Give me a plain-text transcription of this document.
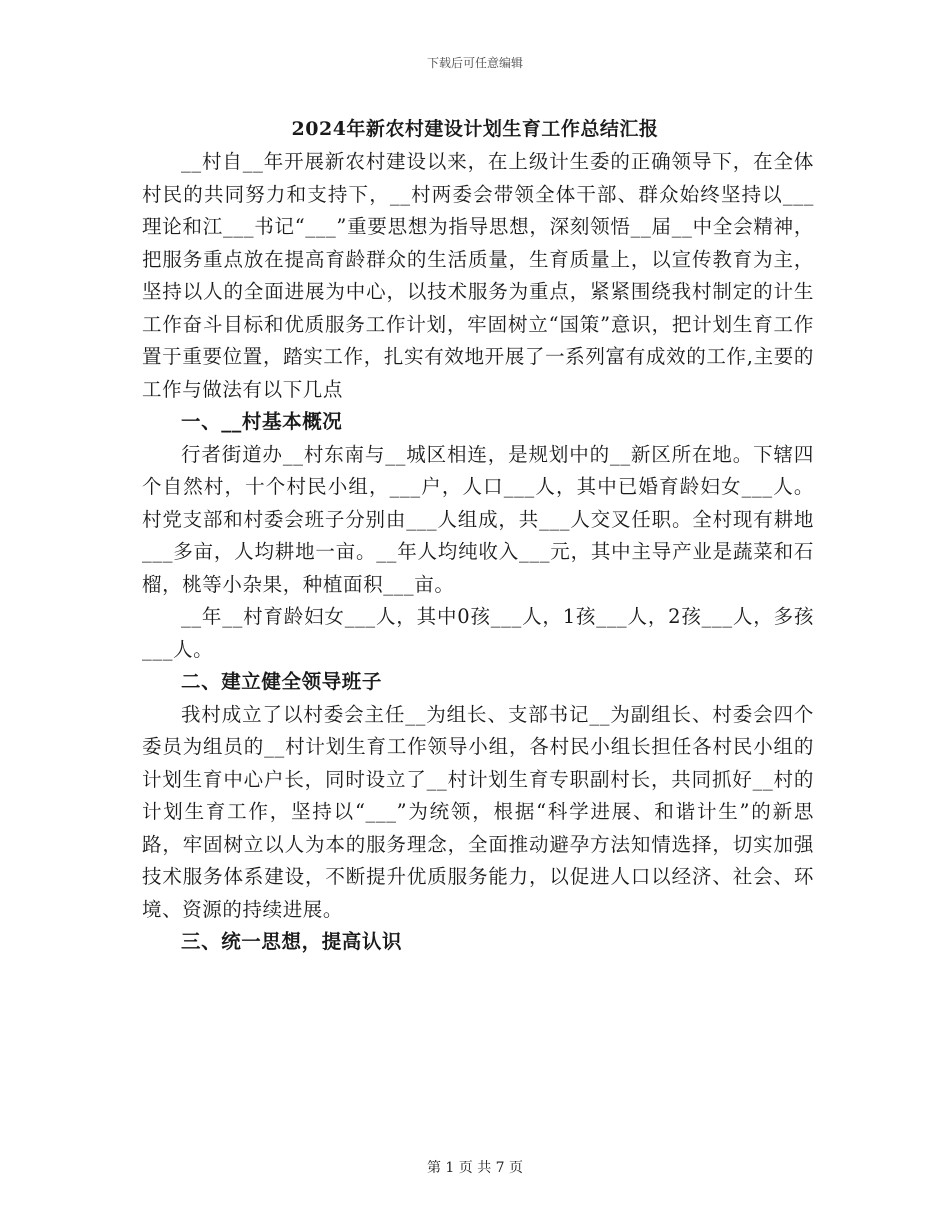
下载后可任意编辑
2024年新农村建设计划生育工作总结汇报

__村自__年开展新农村建设以来，在上级计生委的正确领导下，在全体村民的共同努力和支持下，__村两委会带领全体干部、群众始终坚持以___理论和江___书记“___”重要思想为指导思想，深刻领悟__届__中全会精神，把服务重点放在提高育龄群众的生活质量，生育质量上，以宣传教育为主，坚持以人的全面进展为中心，以技术服务为重点，紧紧围绕我村制定的计生工作奋斗目标和优质服务工作计划，牢固树立“国策”意识，把计划生育工作置于重要位置，踏实工作，扎实有效地开展了一系列富有成效的工作,主要的工作与做法有以下几点

一、__村基本概况

行者街道办__村东南与__城区相连，是规划中的__新区所在地。下辖四个自然村，十个村民小组，___户，人口___人，其中已婚育龄妇女___人。村党支部和村委会班子分别由___人组成，共___人交叉任职。全村现有耕地___多亩，人均耕地一亩。__年人均纯收入___元，其中主导产业是蔬菜和石榴，桃等小杂果，种植面积___亩。

__年__村育龄妇女___人，其中0孩___人，1孩___人，2孩___人，多孩___人。

二、建立健全领导班子

我村成立了以村委会主任__为组长、支部书记__为副组长、村委会四个委员为组员的__村计划生育工作领导小组，各村民小组长担任各村民小组的计划生育中心户长，同时设立了__村计划生育专职副村长，共同抓好__村的计划生育工作，坚持以“___”为统领，根据“科学进展、和谐计生”的新思路，牢固树立以人为本的服务理念，全面推动避孕方法知情选择，切实加强技术服务体系建设，不断提升优质服务能力，以促进人口以经济、社会、环境、资源的持续进展。

三、统一思想，提高认识

第 1 页 共 7 页
